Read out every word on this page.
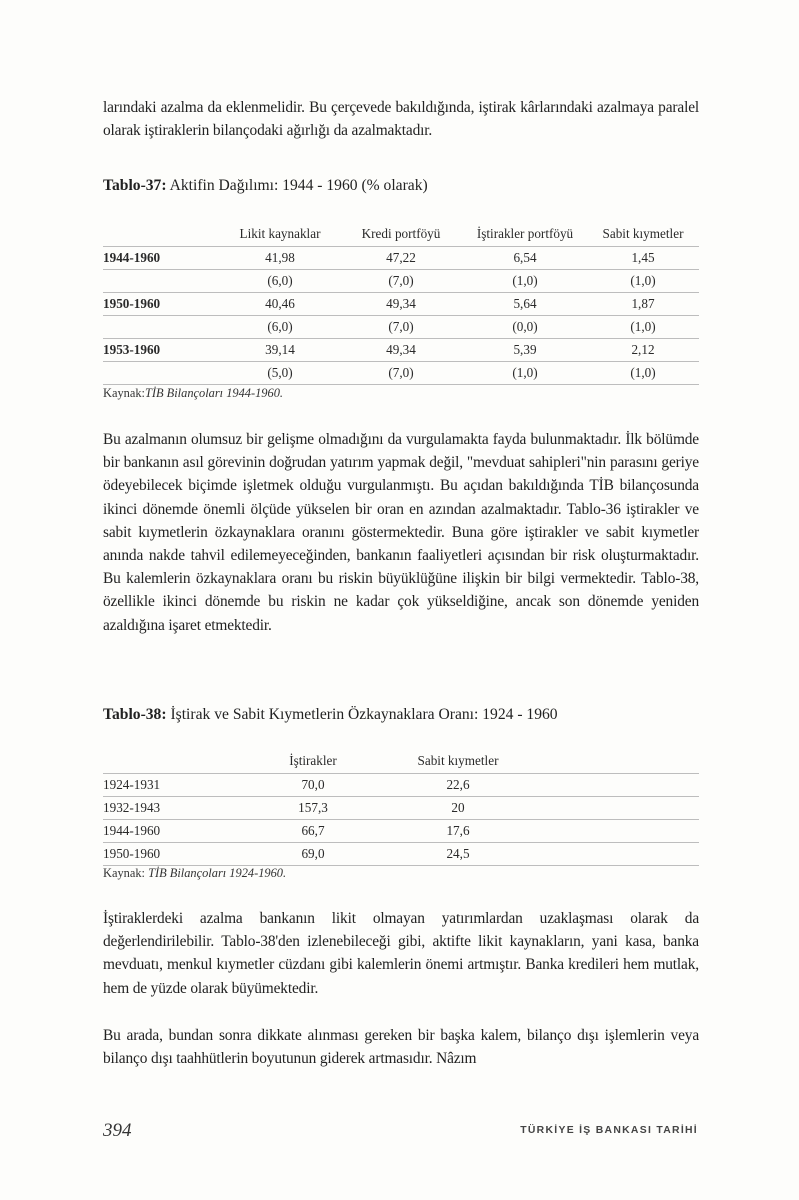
larındaki azalma da eklenmelidir. Bu çerçevede bakıldığında, iştirak kârlarındaki azalmaya paralel olarak iştiraklerin bilançodaki ağırlığı da azalmaktadır.

Tablo-37: Aktifin Dağılımı: 1944 - 1960 (% olarak)
	Likit kaynaklar	Kredi portföyü	İştirakler portföyü	Sabit kıymetler
1944-1960	41,98	47,22	6,54	1,45
	(6,0)	(7,0)	(1,0)	(1,0)
1950-1960	40,46	49,34	5,64	1,87
	(6,0)	(7,0)	(0,0)	(1,0)
1953-1960	39,14	49,34	5,39	2,12
	(5,0)	(7,0)	(1,0)	(1,0)
Kaynak:TİB Bilançoları 1944-1960.

Bu azalmanın olumsuz bir gelişme olmadığını da vurgulamakta fayda bulunmaktadır. İlk bölümde bir bankanın asıl görevinin doğrudan yatırım yapmak değil, "mevduat sahipleri"nin parasını geriye ödeyebilecek biçimde işletmek olduğu vurgulanmıştı. Bu açıdan bakıldığında TİB bilançosunda ikinci dönemde önemli ölçüde yükselen bir oran en azından azalmaktadır. Tablo-36 iştirakler ve sabit kıymetlerin özkaynaklara oranını göstermektedir. Buna göre iştirakler ve sabit kıymetler anında nakde tahvil edilemeyeceğinden, bankanın faaliyetleri açısından bir risk oluşturmaktadır. Bu kalemlerin özkaynaklara oranı bu riskin büyüklüğüne ilişkin bir bilgi vermektedir. Tablo-38, özellikle ikinci dönemde bu riskin ne kadar çok yükseldiğine, ancak son dönemde yeniden azaldığına işaret etmektedir.

Tablo-38: İştirak ve Sabit Kıymetlerin Özkaynaklara Oranı: 1924 - 1960
	İştirakler	Sabit kıymetler	
1924-1931	70,0	22,6	
1932-1943	157,3	20	
1944-1960	66,7	17,6	
1950-1960	69,0	24,5	
Kaynak: TİB Bilançoları 1924-1960.

İştiraklerdeki azalma bankanın likit olmayan yatırımlardan uzaklaşması olarak da değerlendirilebilir. Tablo-38'den izlenebileceği gibi, aktifte likit kaynakların, yani kasa, banka mevduatı, menkul kıymetler cüzdanı gibi kalemlerin önemi artmıştır. Banka kredileri hem mutlak, hem de yüzde olarak büyümektedir.

Bu arada, bundan sonra dikkate alınması gereken bir başka kalem, bilanço dışı işlemlerin veya bilanço dışı taahhütlerin boyutunun giderek artmasıdır. Nâzım

394	TÜRKİYE İŞ BANKASI TARİHİ
